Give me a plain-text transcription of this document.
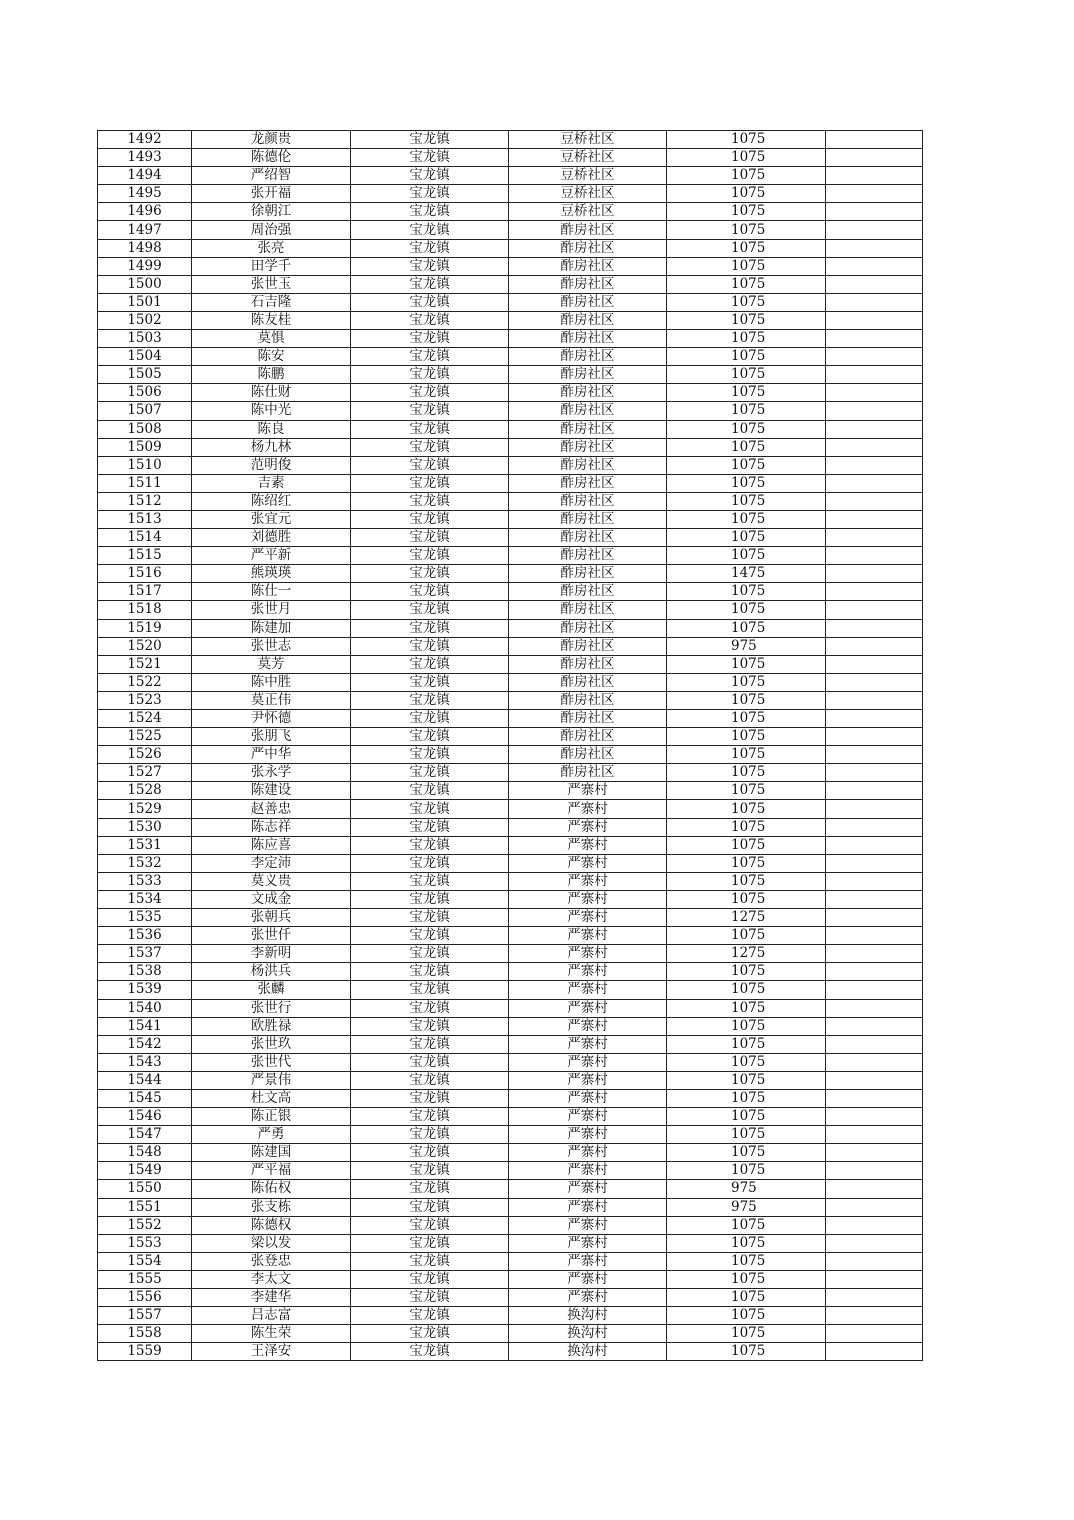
1492	龙颜贵	宝龙镇	豆桥社区	1075	
1493	陈德伦	宝龙镇	豆桥社区	1075	
1494	严绍智	宝龙镇	豆桥社区	1075	
1495	张开福	宝龙镇	豆桥社区	1075	
1496	徐朝江	宝龙镇	豆桥社区	1075	
1497	周治强	宝龙镇	酢房社区	1075	
1498	张亮	宝龙镇	酢房社区	1075	
1499	田学千	宝龙镇	酢房社区	1075	
1500	张世玉	宝龙镇	酢房社区	1075	
1501	石吉隆	宝龙镇	酢房社区	1075	
1502	陈友桂	宝龙镇	酢房社区	1075	
1503	莫惧	宝龙镇	酢房社区	1075	
1504	陈安	宝龙镇	酢房社区	1075	
1505	陈鹏	宝龙镇	酢房社区	1075	
1506	陈仕财	宝龙镇	酢房社区	1075	
1507	陈中光	宝龙镇	酢房社区	1075	
1508	陈良	宝龙镇	酢房社区	1075	
1509	杨九林	宝龙镇	酢房社区	1075	
1510	范明俊	宝龙镇	酢房社区	1075	
1511	吉素	宝龙镇	酢房社区	1075	
1512	陈绍红	宝龙镇	酢房社区	1075	
1513	张宜元	宝龙镇	酢房社区	1075	
1514	刘德胜	宝龙镇	酢房社区	1075	
1515	严平新	宝龙镇	酢房社区	1075	
1516	熊瑛瑛	宝龙镇	酢房社区	1475	
1517	陈仕一	宝龙镇	酢房社区	1075	
1518	张世月	宝龙镇	酢房社区	1075	
1519	陈建加	宝龙镇	酢房社区	1075	
1520	张世志	宝龙镇	酢房社区	975	
1521	莫芳	宝龙镇	酢房社区	1075	
1522	陈中胜	宝龙镇	酢房社区	1075	
1523	莫正伟	宝龙镇	酢房社区	1075	
1524	尹怀德	宝龙镇	酢房社区	1075	
1525	张朋飞	宝龙镇	酢房社区	1075	
1526	严中华	宝龙镇	酢房社区	1075	
1527	张永学	宝龙镇	酢房社区	1075	
1528	陈建设	宝龙镇	严寨村	1075	
1529	赵善忠	宝龙镇	严寨村	1075	
1530	陈志祥	宝龙镇	严寨村	1075	
1531	陈应喜	宝龙镇	严寨村	1075	
1532	李定沛	宝龙镇	严寨村	1075	
1533	莫义贵	宝龙镇	严寨村	1075	
1534	文成金	宝龙镇	严寨村	1075	
1535	张朝兵	宝龙镇	严寨村	1275	
1536	张世仟	宝龙镇	严寨村	1075	
1537	李新明	宝龙镇	严寨村	1275	
1538	杨洪兵	宝龙镇	严寨村	1075	
1539	张麟	宝龙镇	严寨村	1075	
1540	张世行	宝龙镇	严寨村	1075	
1541	欧胜禄	宝龙镇	严寨村	1075	
1542	张世玖	宝龙镇	严寨村	1075	
1543	张世代	宝龙镇	严寨村	1075	
1544	严景伟	宝龙镇	严寨村	1075	
1545	杜文高	宝龙镇	严寨村	1075	
1546	陈正银	宝龙镇	严寨村	1075	
1547	严勇	宝龙镇	严寨村	1075	
1548	陈建国	宝龙镇	严寨村	1075	
1549	严平福	宝龙镇	严寨村	1075	
1550	陈佑权	宝龙镇	严寨村	975	
1551	张支栋	宝龙镇	严寨村	975	
1552	陈德权	宝龙镇	严寨村	1075	
1553	梁以发	宝龙镇	严寨村	1075	
1554	张登忠	宝龙镇	严寨村	1075	
1555	李太文	宝龙镇	严寨村	1075	
1556	李建华	宝龙镇	严寨村	1075	
1557	吕志富	宝龙镇	换沟村	1075	
1558	陈生荣	宝龙镇	换沟村	1075	
1559	王泽安	宝龙镇	换沟村	1075	
